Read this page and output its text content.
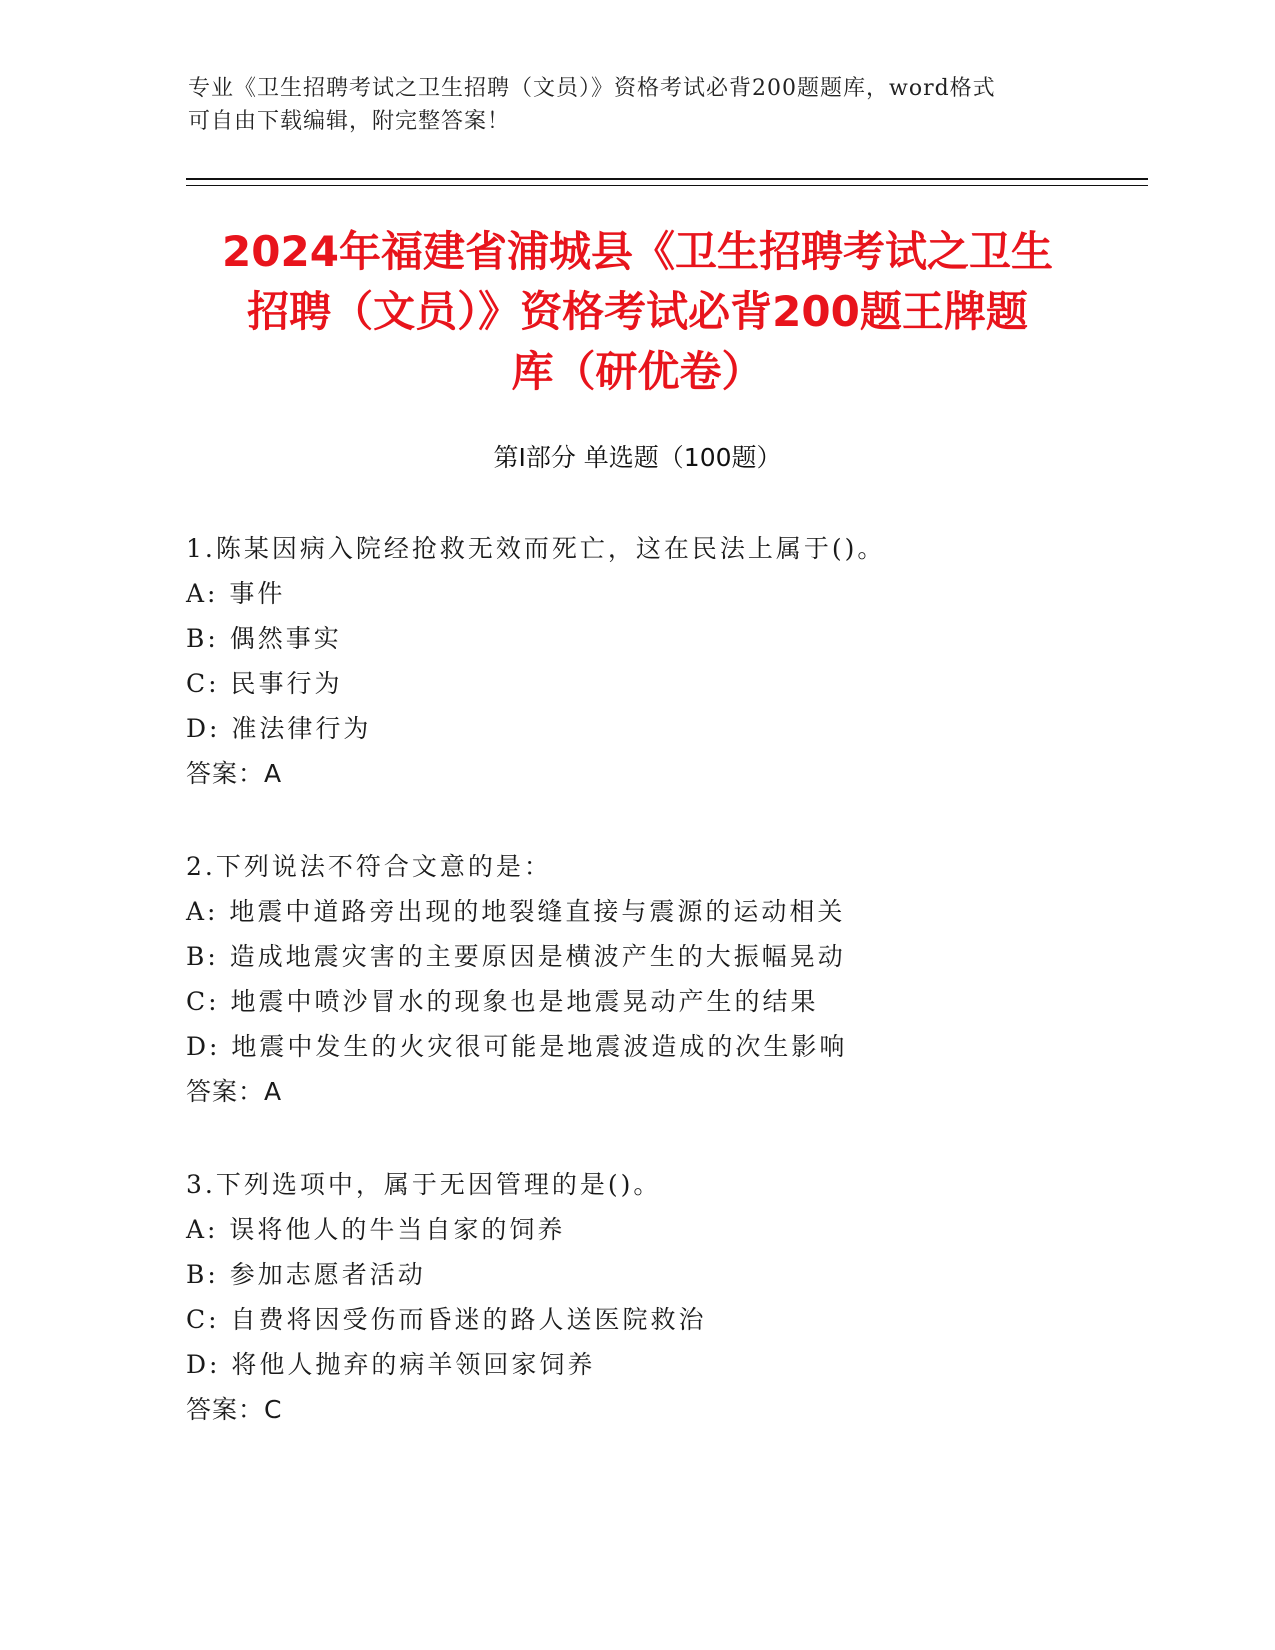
专业《卫生招聘考试之卫生招聘（文员）》资格考试必背200题题库，word格式
可自由下载编辑，附完整答案！
2024年福建省浦城县《卫生招聘考试之卫生
招聘（文员）》资格考试必背200题王牌题
库（研优卷）
第Ⅰ部分 单选题（100题）
1.陈某因病入院经抢救无效而死亡，这在民法上属于()。
A: 事件
B: 偶然事实
C: 民事行为
D: 准法律行为
答案：A
2.下列说法不符合文意的是：
A: 地震中道路旁出现的地裂缝直接与震源的运动相关
B: 造成地震灾害的主要原因是横波产生的大振幅晃动
C: 地震中喷沙冒水的现象也是地震晃动产生的结果
D: 地震中发生的火灾很可能是地震波造成的次生影响
答案：A
3.下列选项中，属于无因管理的是()。
A: 误将他人的牛当自家的饲养
B: 参加志愿者活动
C: 自费将因受伤而昏迷的路人送医院救治
D: 将他人抛弃的病羊领回家饲养
答案：C
